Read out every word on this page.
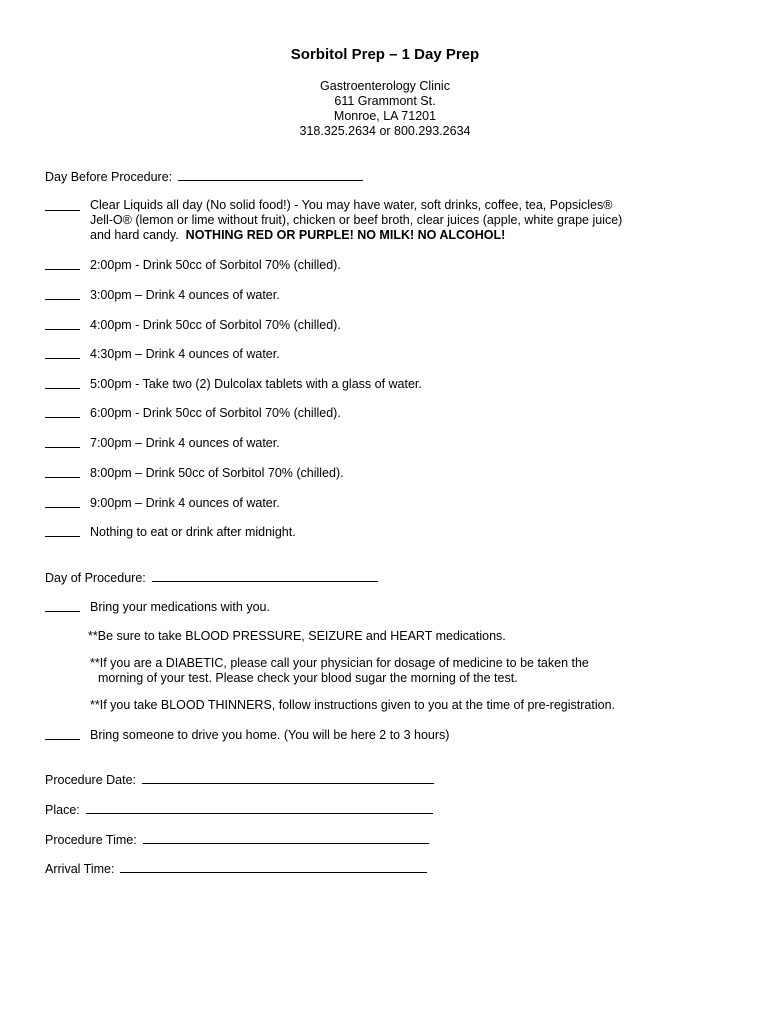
Sorbitol Prep – 1 Day Prep
Gastroenterology Clinic
611 Grammont St.
Monroe, LA 71201
318.325.2634 or 800.293.2634
Day Before Procedure:
Clear Liquids all day (No solid food!) - You may have water, soft drinks, coffee, tea, Popsicles®
Jell-O® (lemon or lime without fruit), chicken or beef broth, clear juices (apple, white grape juice)
and hard candy.  NOTHING RED OR PURPLE! NO MILK! NO ALCOHOL!
2:00pm - Drink 50cc of Sorbitol 70% (chilled).
3:00pm – Drink 4 ounces of water.
4:00pm - Drink 50cc of Sorbitol 70% (chilled).
4:30pm – Drink 4 ounces of water.
5:00pm - Take two (2) Dulcolax tablets with a glass of water.
6:00pm - Drink 50cc of Sorbitol 70% (chilled).
7:00pm – Drink 4 ounces of water.
8:00pm – Drink 50cc of Sorbitol 70% (chilled).
9:00pm – Drink 4 ounces of water.
Nothing to eat or drink after midnight.
Day of Procedure:
Bring your medications with you.
**Be sure to take BLOOD PRESSURE, SEIZURE and HEART medications.
**If you are a DIABETIC, please call your physician for dosage of medicine to be taken the
morning of your test. Please check your blood sugar the morning of the test.
**If you take BLOOD THINNERS, follow instructions given to you at the time of pre-registration.
Bring someone to drive you home. (You will be here 2 to 3 hours)
Procedure Date:
Place:
Procedure Time:
Arrival Time:
